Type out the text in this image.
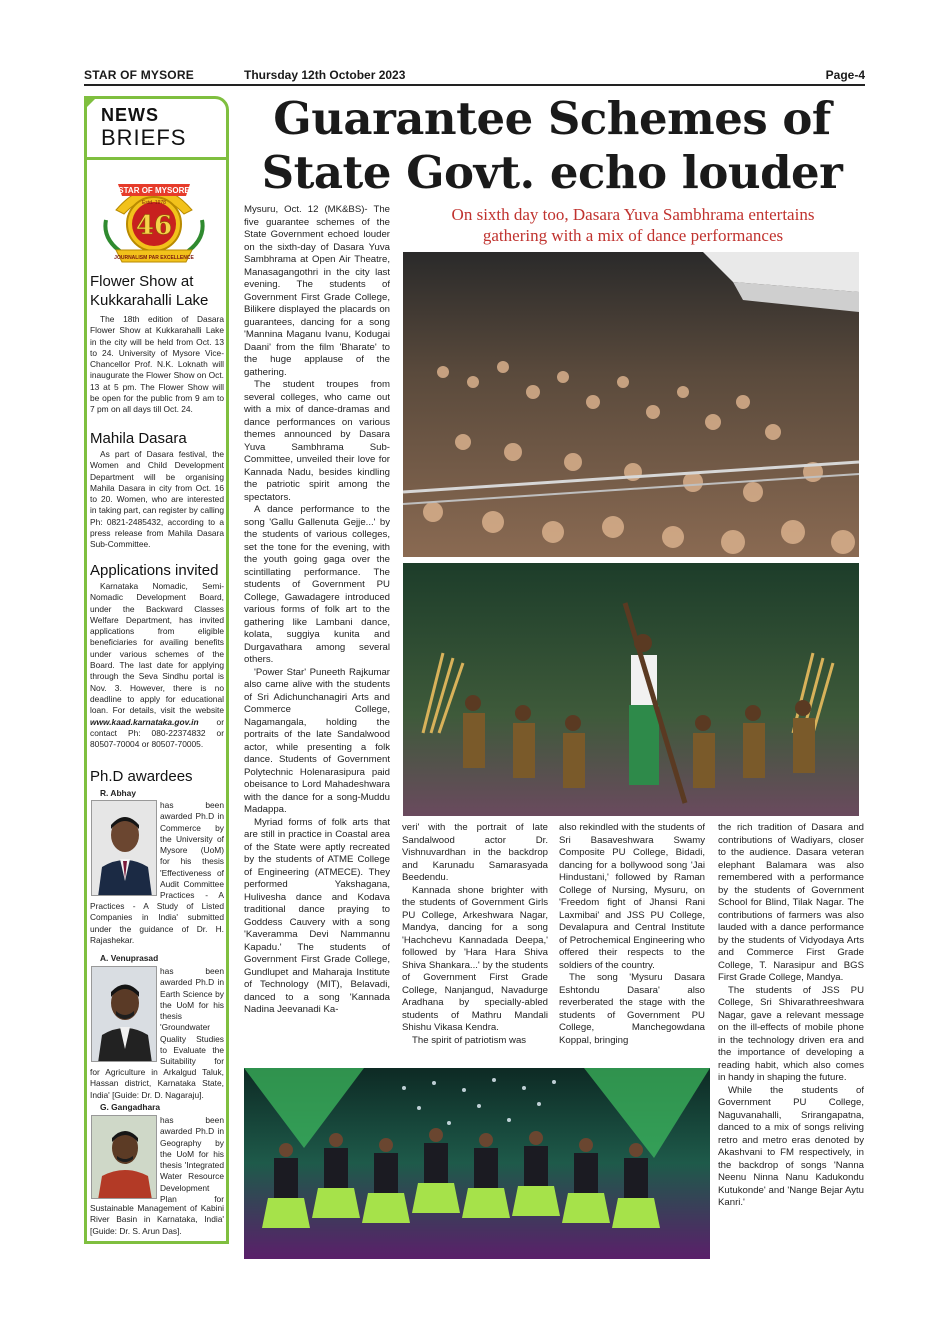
STAR OF MYSORE	Thursday 12th October 2023	Page-4
NEWS
BRIEFS
STAR OF MYSORE
46
JOURNALISM PAR EXCELLENCE
Estd. 1978
Flower Show at Kukkarahalli Lake
The 18th edition of Dasara Flower Show at Kukkarahalli Lake in the city will be held from Oct. 13 to 24. University of Mysore Vice-Chancellor Prof. N.K. Loknath will inaugurate the Flower Show on Oct. 13 at 5 pm. The Flower Show will be open for the public from 9 am to 7 pm on all days till Oct. 24.
Mahila Dasara
As part of Dasara festival, the Women and Child Development Department will be organising Mahila Dasara in city from Oct. 16 to 20. Women, who are interested in taking part, can register by calling Ph: 0821-2485432, according to a press release from Mahila Dasara Sub-Committee.
Applications invited
Karnataka Nomadic, Semi-Nomadic Development Board, under the Backward Classes Welfare Department, has invited applications from eligible beneficiaries for availing benefits under various schemes of the Board. The last date for applying through the Seva Sindhu portal is Nov. 3. However, there is no deadline to apply for educational loan. For details, visit the website www.kaad.karnataka.gov.in or contact Ph: 080-22374832 or 80507-70004 or 80507-70005.
Ph.D awardees
R. Abhay
has been awarded Ph.D in Commerce by the University of Mysore (UoM) for his thesis 'Effectiveness of Audit Committee Practices - A
Practices - A Study of Listed Companies in India' submitted under the guidance of Dr. H. Rajashekar.
A. Venuprasad
has been awarded Ph.D in Earth Science by the UoM for his thesis 'Groundwater Quality Studies to Evaluate the Suitability for
for Agriculture in Arkalgud Taluk, Hassan district, Karnataka State, India' [Guide: Dr. D. Nagaraju].
G. Gangadhara
has been awarded Ph.D in Geography by the UoM for his thesis 'Integrated Water Resource Development Plan for
Sustainable Management of Kabini River Basin in Karnataka, India' [Guide: Dr. S. Arun Das].
Guarantee Schemes of
State Govt. echo louder
On sixth day too, Dasara Yuva Sambhrama entertains
gathering with a mix of dance performances

Mysuru, Oct. 12 (MK&BS)- The five guarantee schemes of the State Government echoed louder on the sixth-day of Dasara Yuva Sambhrama at Open Air Theatre, Manasagangothri in the city last evening. The students of Government First Grade College, Bilikere displayed the placards on guarantees, dancing for a song 'Mannina Maganu Ivanu, Kodugai Daani' from the film 'Bharate' to the huge applause of the gathering.

The student troupes from several colleges, who came out with a mix of dance-dramas and dance performances on various themes announced by Dasara Yuva Sambhrama Sub-Committee, unveiled their love for Kannada Nadu, besides kindling the patriotic spirit among the spectators.

A dance performance to the song 'Gallu Gallenuta Gejje...' by the students of various colleges, set the tone for the evening, with the youth going gaga over the scintillating performance. The students of Government PU College, Gawadagere introduced various forms of folk art to the gathering like Lambani dance, kolata, suggiya kunita and Durgavathara among several others.

'Power Star' Puneeth Rajkumar also came alive with the students of Sri Adichunchanagiri Arts and Commerce College, Nagamangala, holding the portraits of the late Sandalwood actor, while presenting a folk dance. Students of Government Polytechnic Holenarasipura paid obeisance to Lord Mahadeshwara with the dance for a song-Muddu Madappa.

Myriad forms of folk arts that are still in practice in Coastal area of the State were aptly recreated by the students of ATME College of Engineering (ATMECE). They performed Yakshagana, Hulivesha dance and Kodava traditional dance praying to Goddess Cauvery with a song 'Kaveramma Devi Nammannu Kapadu.' The students of Government First Grade College, Gundlupet and Maharaja Institute of Technology (MIT), Belavadi, danced to a song 'Kannada Nadina Jeevanadi Ka-

veri' with the portrait of late Sandalwood actor Dr. Vishnuvardhan in the backdrop and Karunadu Samarasyada Beedendu.

Kannada shone brighter with the students of Government Girls PU College, Arkeshwara Nagar, Mandya, dancing for a song 'Hachchevu Kannadada Deepa,' followed by 'Hara Hara Shiva Shiva Shankara...' by the students of Government First Grade College, Nanjangud, Navadurge Aradhana by specially-abled students of Mathru Mandali Shishu Vikasa Kendra.

The spirit of patriotism was

also rekindled with the students of Sri Basaveshwara Swamy Composite PU College, Bidadi, dancing for a bollywood song 'Jai Hindustani,' followed by Raman College of Nursing, Mysuru, on 'Freedom fight of Jhansi Rani Laxmibai' and JSS PU College, Devalapura and Central Institute of Petrochemical Engineering who offered their respects to the soldiers of the country.

The song 'Mysuru Dasara Eshtondu Dasara' also reverberated the stage with the students of Government PU College, Manchegowdana Koppal, bringing

the rich tradition of Dasara and contributions of Wadiyars, closer to the audience. Dasara veteran elephant Balamara was also remembered with a performance by the students of Government School for Blind, Tilak Nagar. The contributions of farmers was also lauded with a dance performance by the students of Vidyodaya Arts and Commerce First Grade College, T. Narasipur and BGS First Grade College, Mandya.

The students of JSS PU College, Sri Shivarathreeshwara Nagar, gave a relevant message on the ill-effects of mobile phone in the technology driven era and the importance of developing a reading habit, which also comes in handy in shaping the future.

While the students of Government PU College, Naguvanahalli, Srirangapatna, danced to a mix of songs reliving retro and metro eras denoted by Akashvani to FM respectively, in the backdrop of songs 'Nanna Neenu Ninna Nanu Kadukondu Kutukonde' and 'Nange Bejar Aytu Kanri.'
